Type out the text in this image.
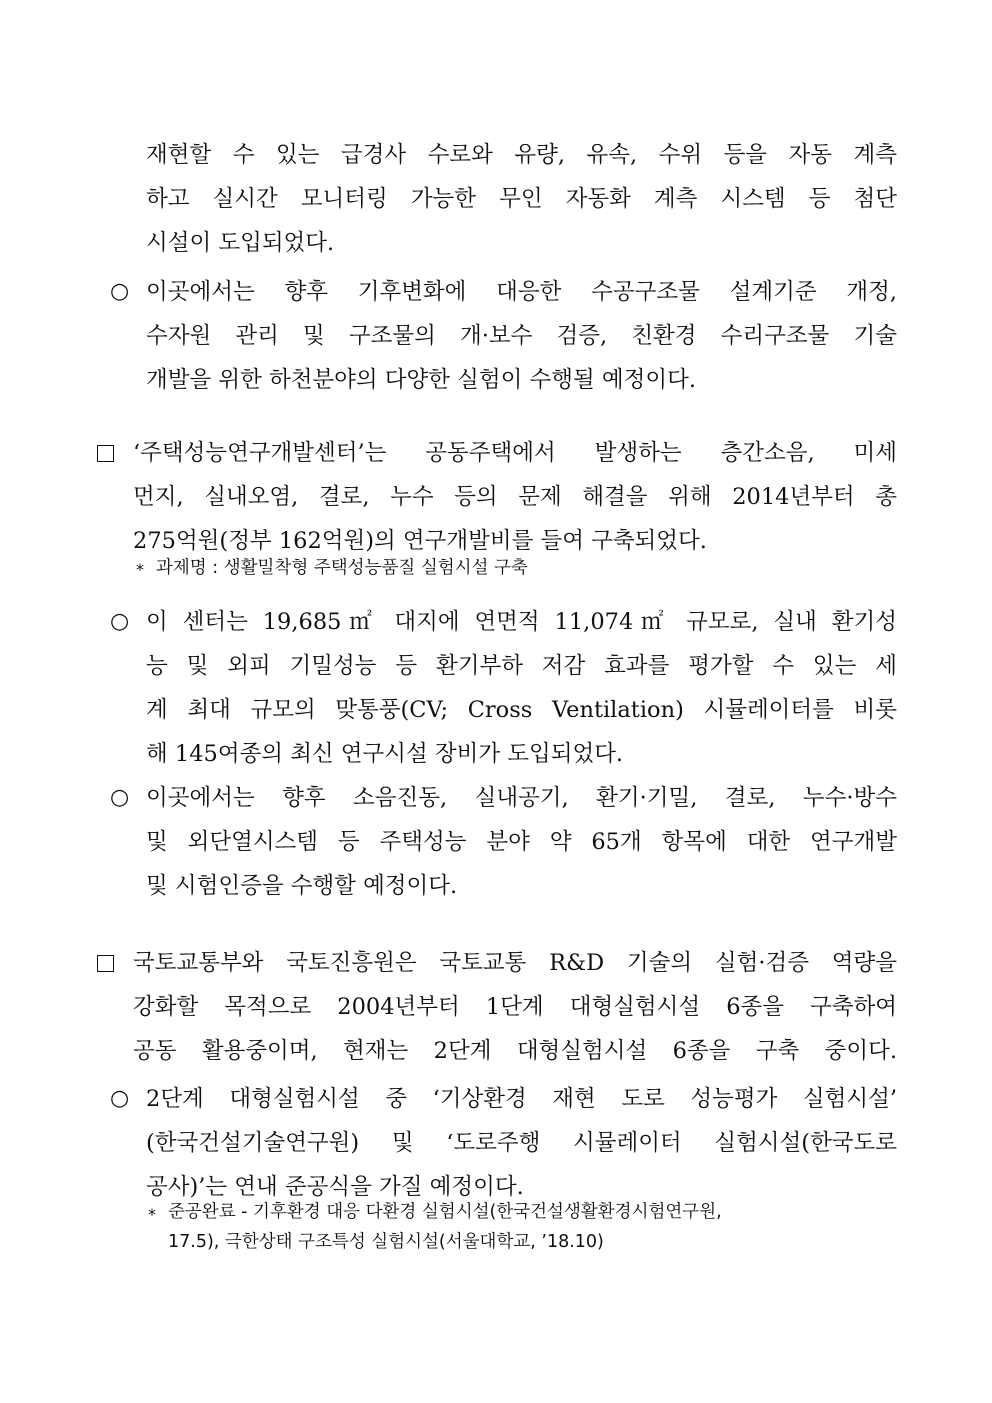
재현할 수 있는 급경사 수로와 유량, 유속, 수위 등을 자동 계측
하고 실시간 모니터링 가능한 무인 자동화 계측 시스템 등 첨단
시설이 도입되었다.
○ 이곳에서는 향후 기후변화에 대응한 수공구조물 설계기준 개정,
수자원 관리 및 구조물의 개·보수 검증, 친환경 수리구조물 기술
개발을 위한 하천분야의 다양한 실험이 수행될 예정이다.
‘주택성능연구개발센터’는 공동주택에서 발생하는 층간소음, 미세
먼지, 실내오염, 결로, 누수 등의 문제 해결을 위해 2014년부터 총
275억원(정부 162억원)의 연구개발비를 들여 구축되었다.
* 과제명 : 생활밀착형 주택성능품질 실험시설 구축
○ 이 센터는 19,685㎡ 대지에 연면적 11,074㎡ 규모로, 실내 환기성
능 및 외피 기밀성능 등 환기부하 저감 효과를 평가할 수 있는 세
계 최대 규모의 맞통풍(CV; Cross Ventilation) 시뮬레이터를 비롯
해 145여종의 최신 연구시설 장비가 도입되었다.
○ 이곳에서는 향후 소음진동, 실내공기, 환기·기밀, 결로, 누수·방수
및 외단열시스템 등 주택성능 분야 약 65개 항목에 대한 연구개발
및 시험인증을 수행할 예정이다.
국토교통부와 국토진흥원은 국토교통 R&D 기술의 실험·검증 역량을
강화할 목적으로 2004년부터 1단계 대형실험시설 6종을 구축하여
공동 활용중이며, 현재는 2단계 대형실험시설 6종을 구축 중이다.
○ 2단계 대형실험시설 중 ‘기상환경 재현 도로 성능평가 실험시설’
(한국건설기술연구원) 및 ‘도로주행 시뮬레이터 실험시설(한국도로
공사)’는 연내 준공식을 가질 예정이다.
* 준공완료 - 기후환경 대응 다환경 실험시설(한국건설생활환경시험연구원,
17.5), 극한상태 구조특성 실험시설(서울대학교, ’18.10)
